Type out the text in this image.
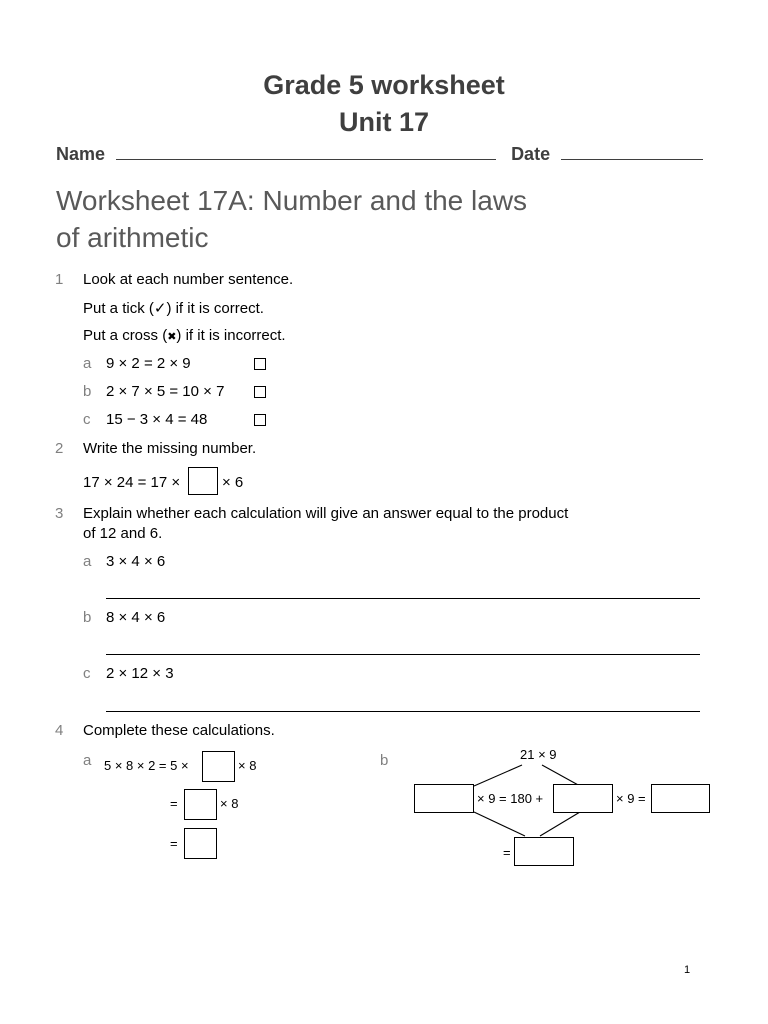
Grade 5 worksheet
Unit 17
Name	Date
Worksheet 17A: Number and the laws
of arithmetic
1 Look at each number sentence.
Put a tick (✓) if it is correct.
Put a cross (✖) if it is incorrect.
a 9 × 2 = 2 × 9
b 2 × 7 × 5 = 10 × 7
c 15 − 3 × 4 = 48
2 Write the missing number.
17 × 24 = 17 ×	× 6
3 Explain whether each calculation will give an answer equal to the product
of 12 and 6.
a 3 × 4 × 6
b 8 × 4 × 6
c 2 × 12 × 3
4 Complete these calculations.
a 5 × 8 × 2 = 5 ×	× 8
=	× 8
=
b	21 × 9
× 9 = 180 +	× 9 =
=
1
